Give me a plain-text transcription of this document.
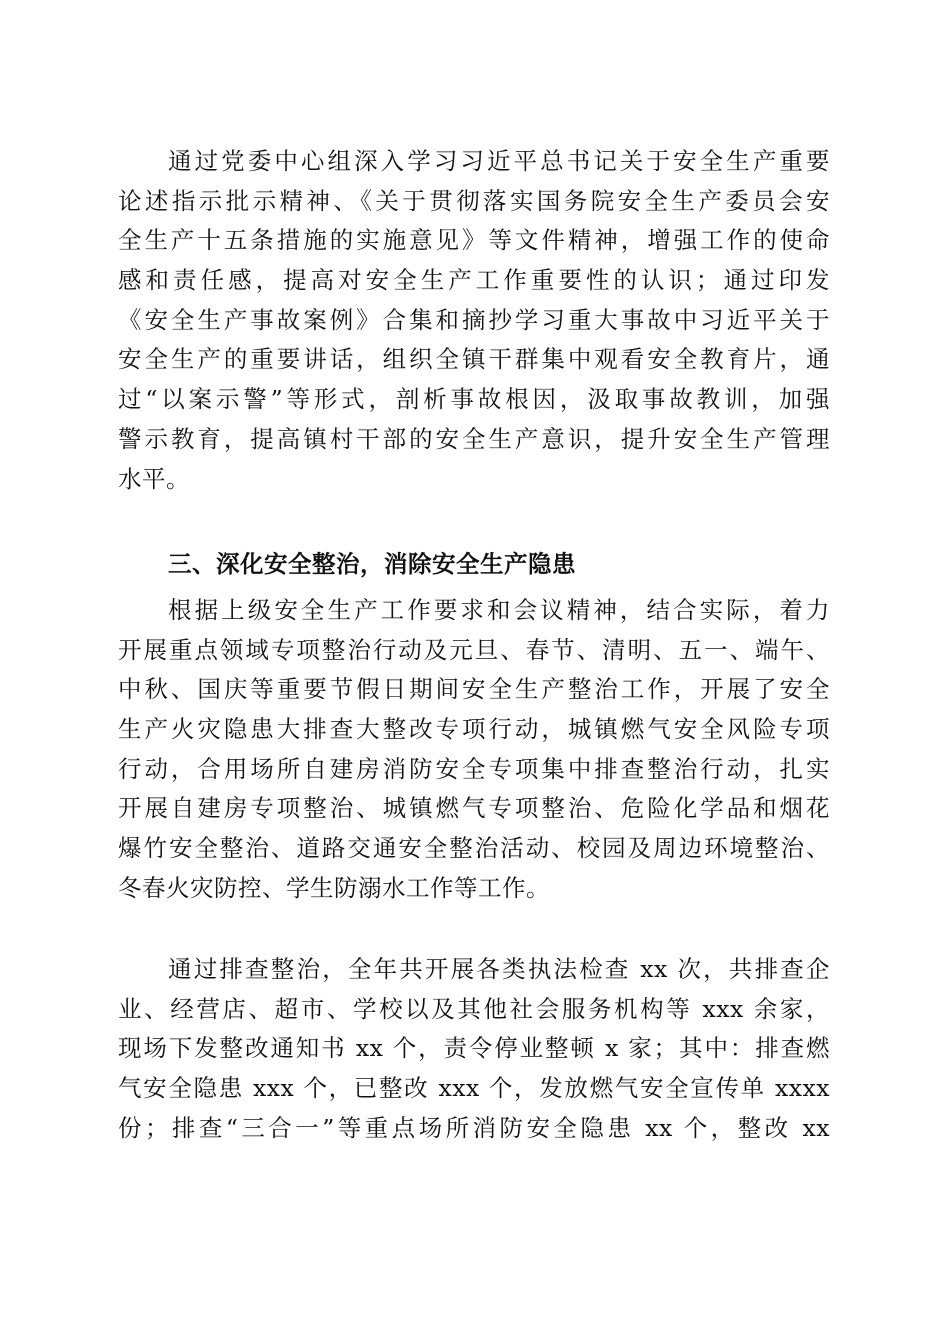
通过党委中心组深入学习习近平总书记关于安全生产重要
论述指示批示精神、《关于贯彻落实国务院安全生产委员会安
全生产十五条措施的实施意见》等文件精神，增强工作的使命
感和责任感，提高对安全生产工作重要性的认识；通过印发
《安全生产事故案例》合集和摘抄学习重大事故中习近平关于
安全生产的重要讲话，组织全镇干群集中观看安全教育片，通
过“以案示警”等形式，剖析事故根因，汲取事故教训，加强
警示教育，提高镇村干部的安全生产意识，提升安全生产管理
水平。
三、深化安全整治，消除安全生产隐患
根据上级安全生产工作要求和会议精神，结合实际，着力
开展重点领域专项整治行动及元旦、春节、清明、五一、端午、
中秋、国庆等重要节假日期间安全生产整治工作，开展了安全
生产火灾隐患大排查大整改专项行动，城镇燃气安全风险专项
行动，合用场所自建房消防安全专项集中排查整治行动，扎实
开展自建房专项整治、城镇燃气专项整治、危险化学品和烟花
爆竹安全整治、道路交通安全整治活动、校园及周边环境整治、
冬春火灾防控、学生防溺水工作等工作。
通过排查整治，全年共开展各类执法检查 xx 次，共排查企
业、经营店、超市、学校以及其他社会服务机构等 xxx 余家，
现场下发整改通知书 xx 个，责令停业整顿 x 家；其中：排查燃
气安全隐患 xxx 个，已整改 xxx 个，发放燃气安全宣传单 xxxx
份；排查“三合一”等重点场所消防安全隐患 xx 个，整改 xx
